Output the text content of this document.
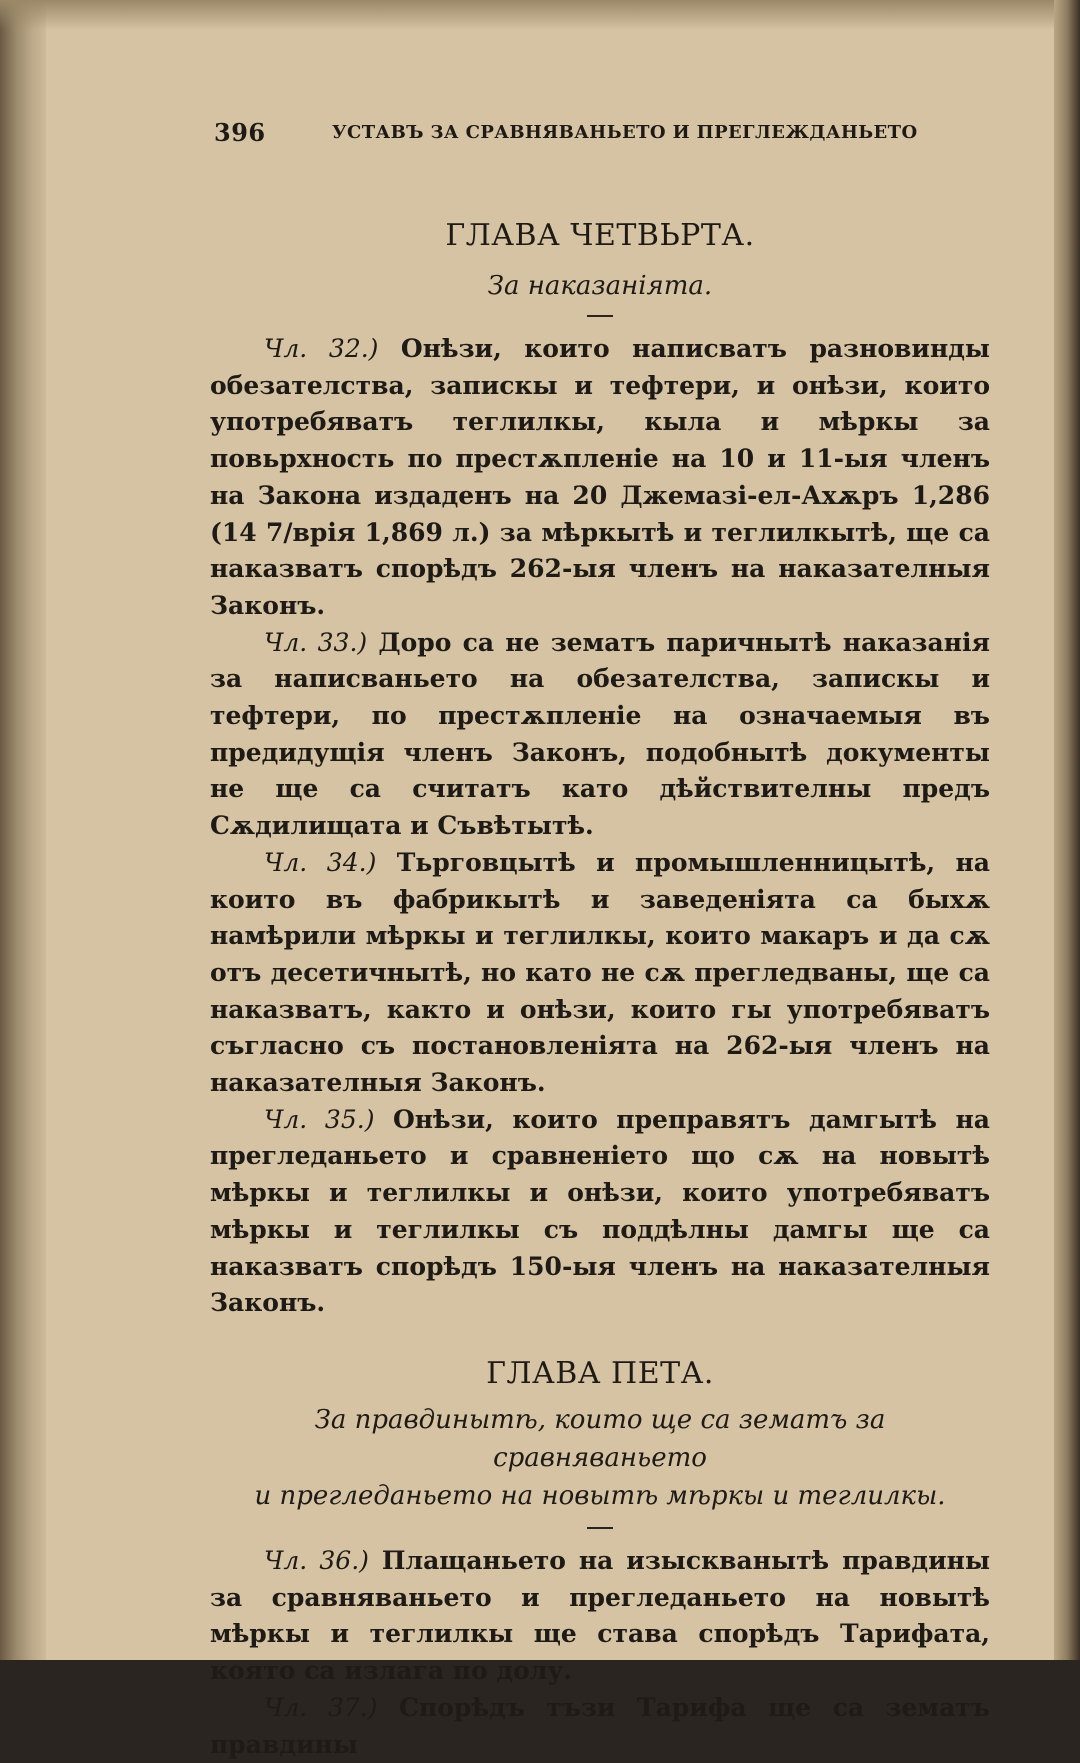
396	УСТАВЪ ЗА СРАВНЯВАНЬЕТО И ПРЕГЛЕЖДАНЬЕТО
ГЛАВА ЧЕТВЬРТА.

За наказаніята.

Чл. 32.) Онѣзи, които написватъ разновинды обезателства, запискы и тефтери, и онѣзи, които употребяватъ теглилкы, кыла и мѣркы за повьрхность по престѫпленіе на 10 и 11-ыя членъ на Закона издаденъ на 20 Джемазі-ел-Ахѫръ 1,286 (14 7/врія 1,869 л.) за мѣркытѣ и теглилкытѣ, ще са наказватъ спорѣдъ 262-ыя членъ на наказателныя Законъ.

Чл. 33.) Доро са не зематъ паричнытѣ наказанія за написваньето на обезателства, запискы и тефтери, по престѫпленіе на означаемыя въ предидущія членъ Законъ, подобнытѣ документы не ще са считатъ като дѣйствителны предъ Сѫдилищата и Съвѣтытѣ.

Чл. 34.) Тьрговцытѣ и промышленницытѣ, на които въ фабрикытѣ и заведеніята са быхѫ намѣрили мѣркы и теглилкы, които макаръ и да сѫ отъ десетичнытѣ, но като не сѫ прегледваны, ще са наказватъ, както и онѣзи, които гы употребяватъ съгласно съ постановленіята на 262-ыя членъ на наказателныя Законъ.

Чл. 35.) Онѣзи, които преправятъ дамгытѣ на прегледаньето и сравненіето що сѫ на новытѣ мѣркы и теглилкы и онѣзи, които употребяватъ мѣркы и теглилкы съ поддѣлны дамгы ще са наказватъ спорѣдъ 150-ыя членъ на наказателныя Законъ.

ГЛАВА ПЕТА.

За правдинытѣ, които ще са зематъ за сравняваньето

и прегледаньето на новытѣ мѣркы и теглилкы.

Чл. 36.) Плащаньето на изыскванытѣ правдины за сравняваньето и прегледаньето на новытѣ мѣркы и теглилкы ще става спорѣдъ Тарифата, която са излага по долу.

Чл. 37.) Спорѣдъ тъзи Тарифа ще са зематъ правдины
